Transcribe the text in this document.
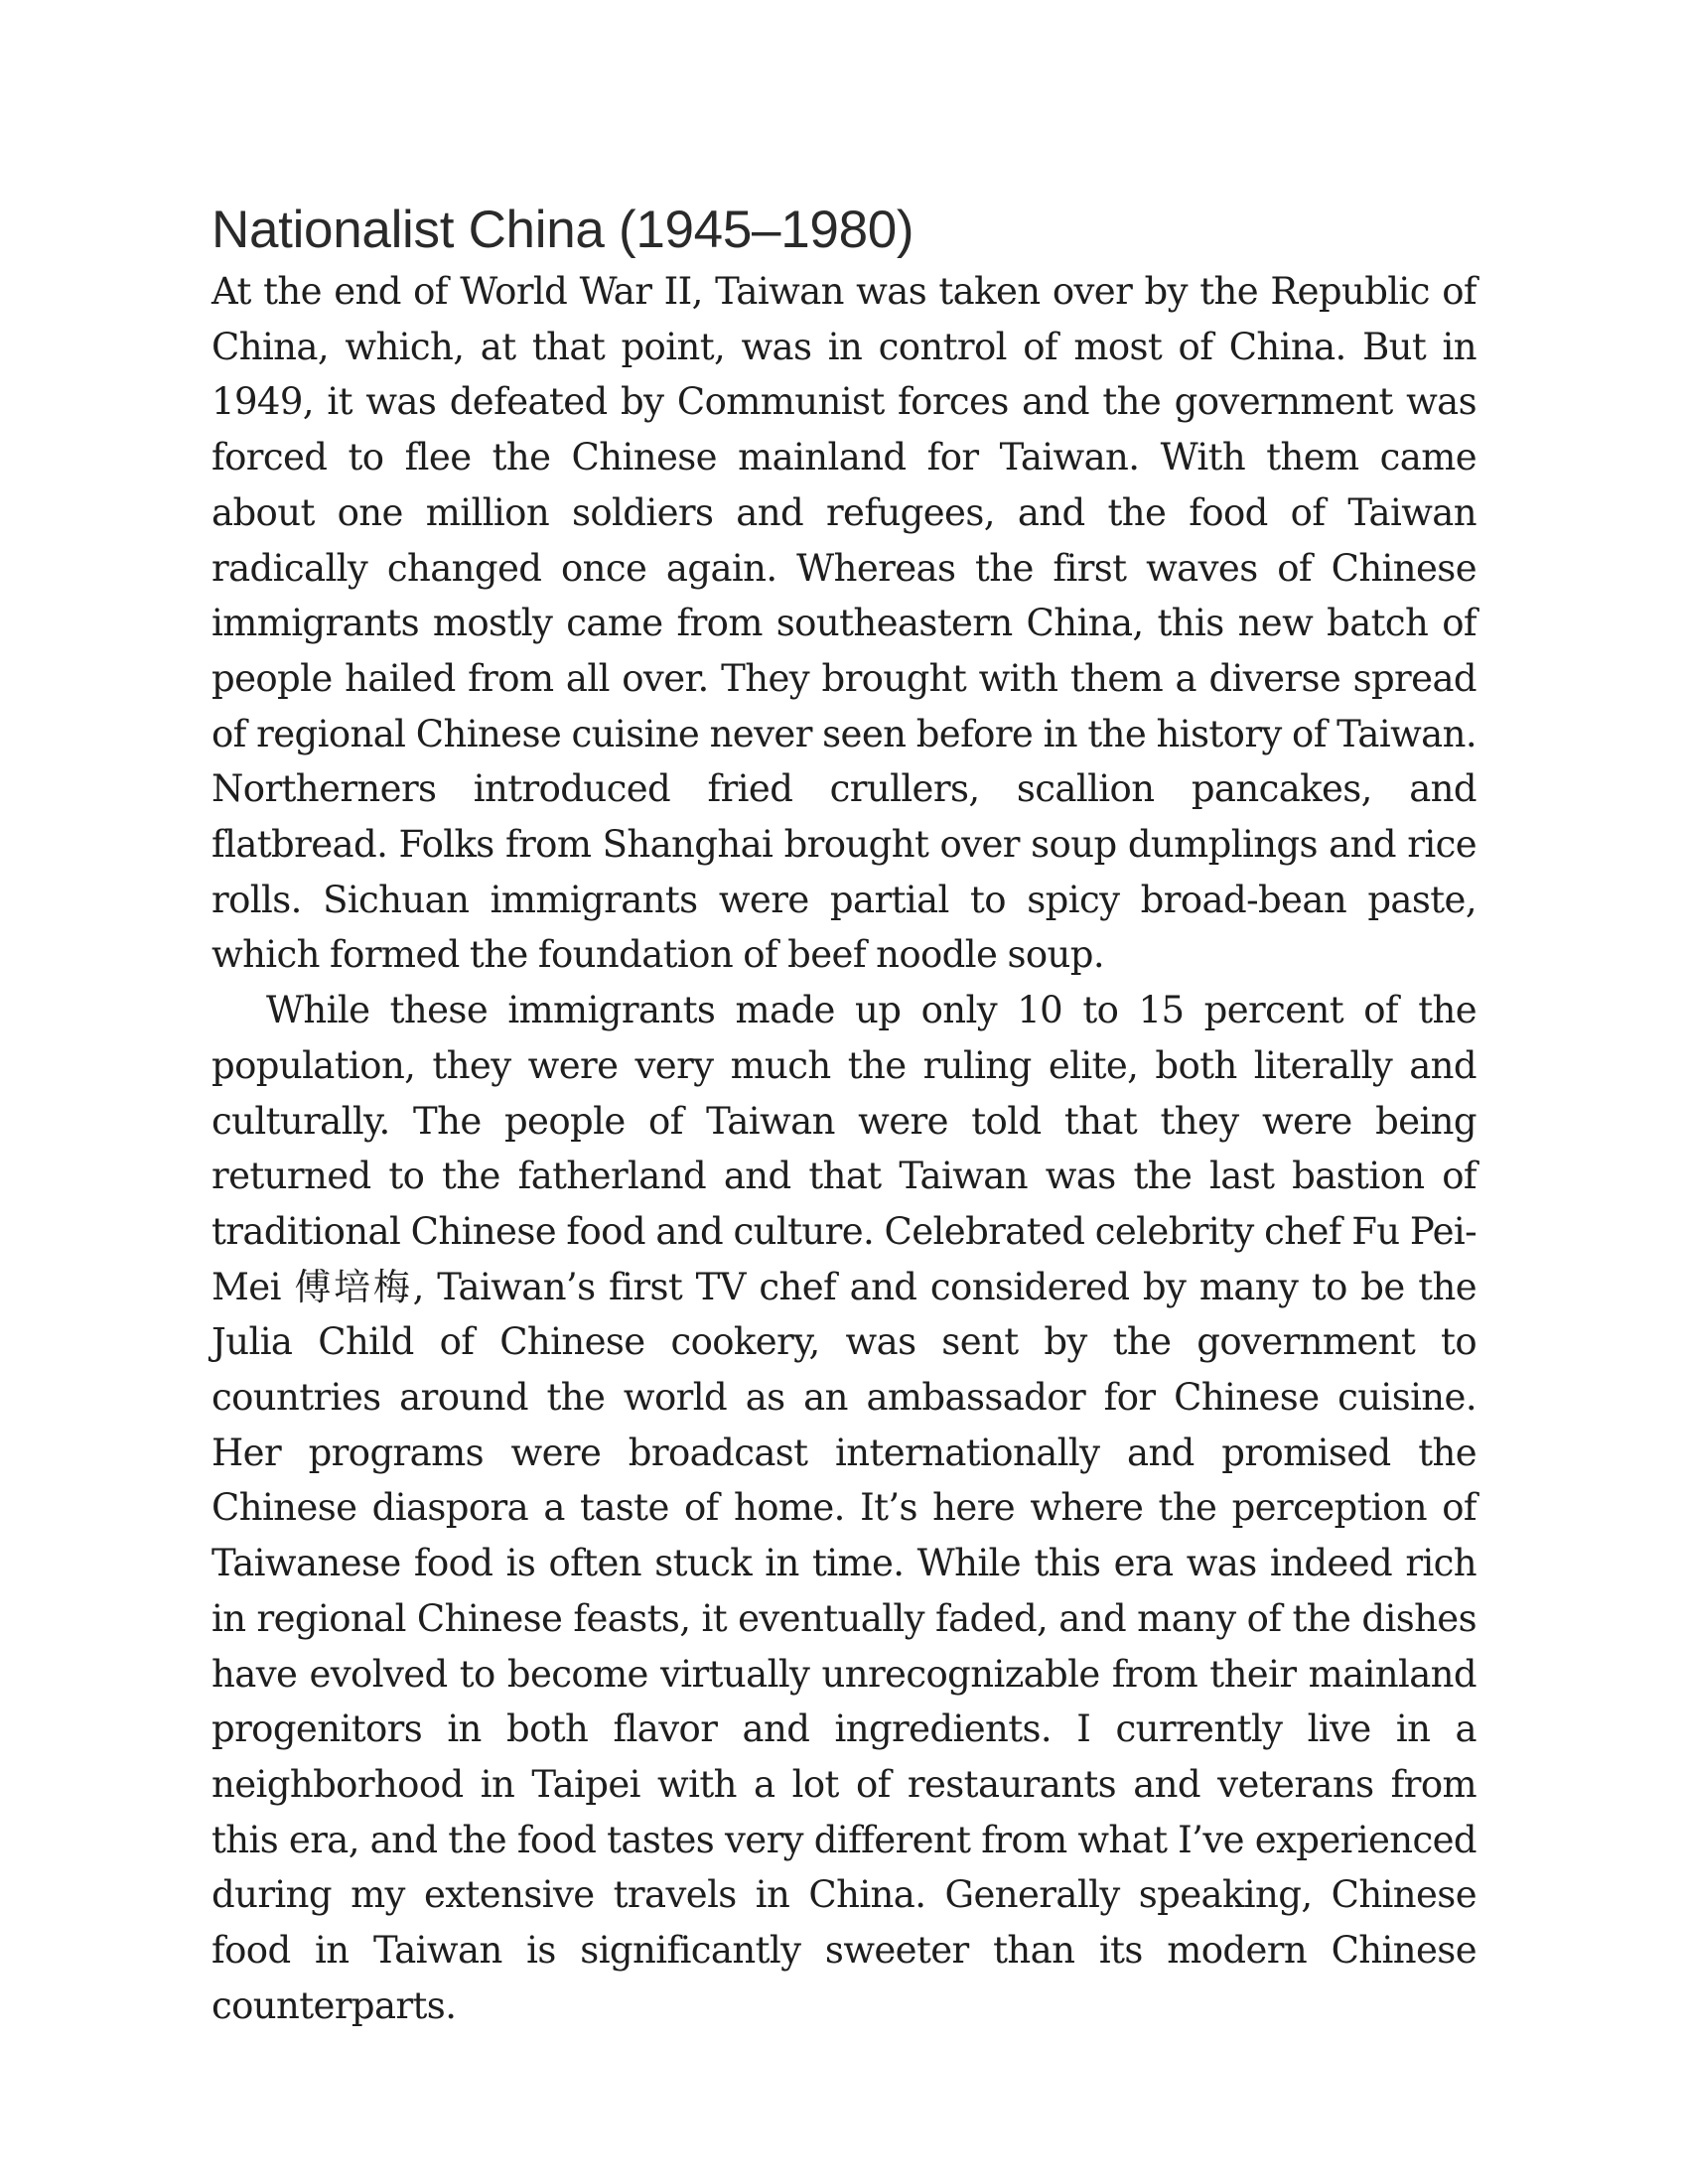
Nationalist China (1945–1980)

At the end of World War II, Taiwan was taken over by the Republic of China, which, at that point, was in control of most of China. But in 1949, it was defeated by Communist forces and the government was forced to flee the Chinese mainland for Taiwan. With them came about one million soldiers and refugees, and the food of Taiwan radically changed once again. Whereas the first waves of Chinese immigrants mostly came from southeastern China, this new batch of people hailed from all over. They brought with them a diverse spread of regional Chinese cuisine never seen before in the history of Taiwan. Northerners introduced fried crullers, scallion pancakes, and flatbread. Folks from Shanghai brought over soup dumplings and rice rolls. Sichuan immigrants were partial to spicy broad-bean paste, which formed the foundation of beef noodle soup.

While these immigrants made up only 10 to 15 percent of the population, they were very much the ruling elite, both literally and culturally. The people of Taiwan were told that they were being returned to the fatherland and that Taiwan was the last bastion of traditional Chinese food and culture. Celebrated celebrity chef Fu Pei-Mei 傅培梅, Taiwan’s first TV chef and considered by many to be the Julia Child of Chinese cookery, was sent by the government to countries around the world as an ambassador for Chinese cuisine. Her programs were broadcast internationally and promised the Chinese diaspora a taste of home. It’s here where the perception of Taiwanese food is often stuck in time. While this era was indeed rich in regional Chinese feasts, it eventually faded, and many of the dishes have evolved to become virtually unrecognizable from their mainland progenitors in both flavor and ingredients. I currently live in a neighborhood in Taipei with a lot of restaurants and veterans from this era, and the food tastes very different from what I’ve experienced during my extensive travels in China. Generally speaking, Chinese food in Taiwan is significantly sweeter than its modern Chinese counterparts.
